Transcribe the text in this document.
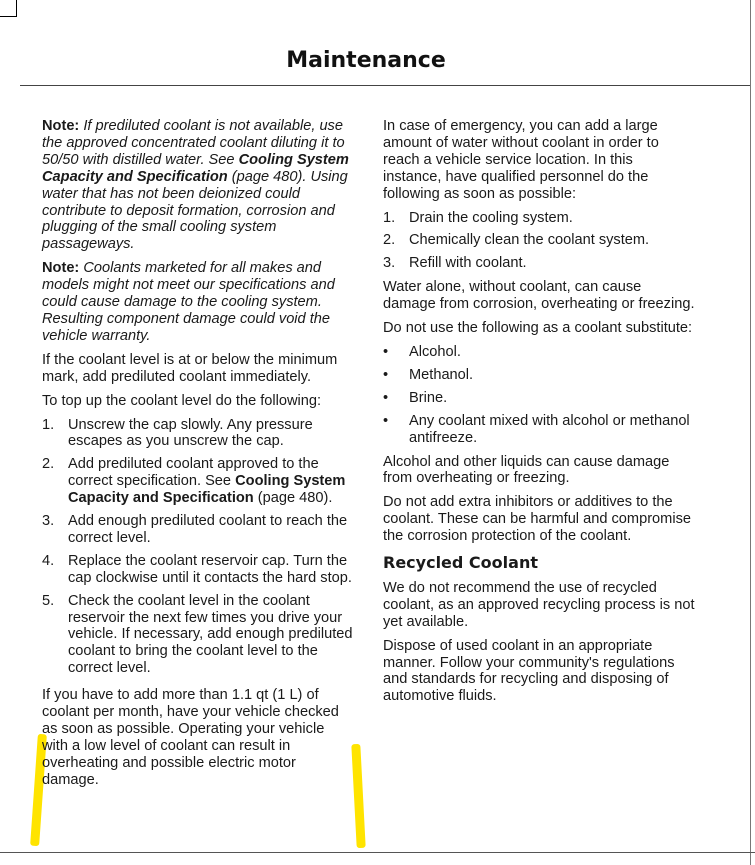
Maintenance

Note: If prediluted coolant is not available, use the approved concentrated coolant diluting it to 50/50 with distilled water. See Cooling System Capacity and Specification (page 480). Using water that has not been deionized could contribute to deposit formation, corrosion and plugging of the small cooling system passageways.

Note: Coolants marketed for all makes and models might not meet our specifications and could cause damage to the cooling system. Resulting component damage could void the vehicle warranty.

If the coolant level is at or below the minimum mark, add prediluted coolant immediately.

To top up the coolant level do the following:

1. Unscrew the cap slowly. Any pressure escapes as you unscrew the cap.
2. Add prediluted coolant approved to the correct specification. See Cooling System Capacity and Specification (page 480).
3. Add enough prediluted coolant to reach the correct level.
4. Replace the coolant reservoir cap. Turn the cap clockwise until it contacts the hard stop.
5. Check the coolant level in the coolant reservoir the next few times you drive your vehicle. If necessary, add enough prediluted coolant to bring the coolant level to the correct level.

If you have to add more than 1.1 qt (1 L) of coolant per month, have your vehicle checked as soon as possible. Operating your vehicle with a low level of coolant can result in overheating and possible electric motor damage.

In case of emergency, you can add a large amount of water without coolant in order to reach a vehicle service location. In this instance, have qualified personnel do the following as soon as possible:

1. Drain the cooling system.
2. Chemically clean the coolant system.
3. Refill with coolant.

Water alone, without coolant, can cause damage from corrosion, overheating or freezing.

Do not use the following as a coolant substitute:

• Alcohol.
• Methanol.
• Brine.
• Any coolant mixed with alcohol or methanol antifreeze.

Alcohol and other liquids can cause damage from overheating or freezing.

Do not add extra inhibitors or additives to the coolant. These can be harmful and compromise the corrosion protection of the coolant.

Recycled Coolant

We do not recommend the use of recycled coolant, as an approved recycling process is not yet available.

Dispose of used coolant in an appropriate manner. Follow your community's regulations and standards for recycling and disposing of automotive fluids.
